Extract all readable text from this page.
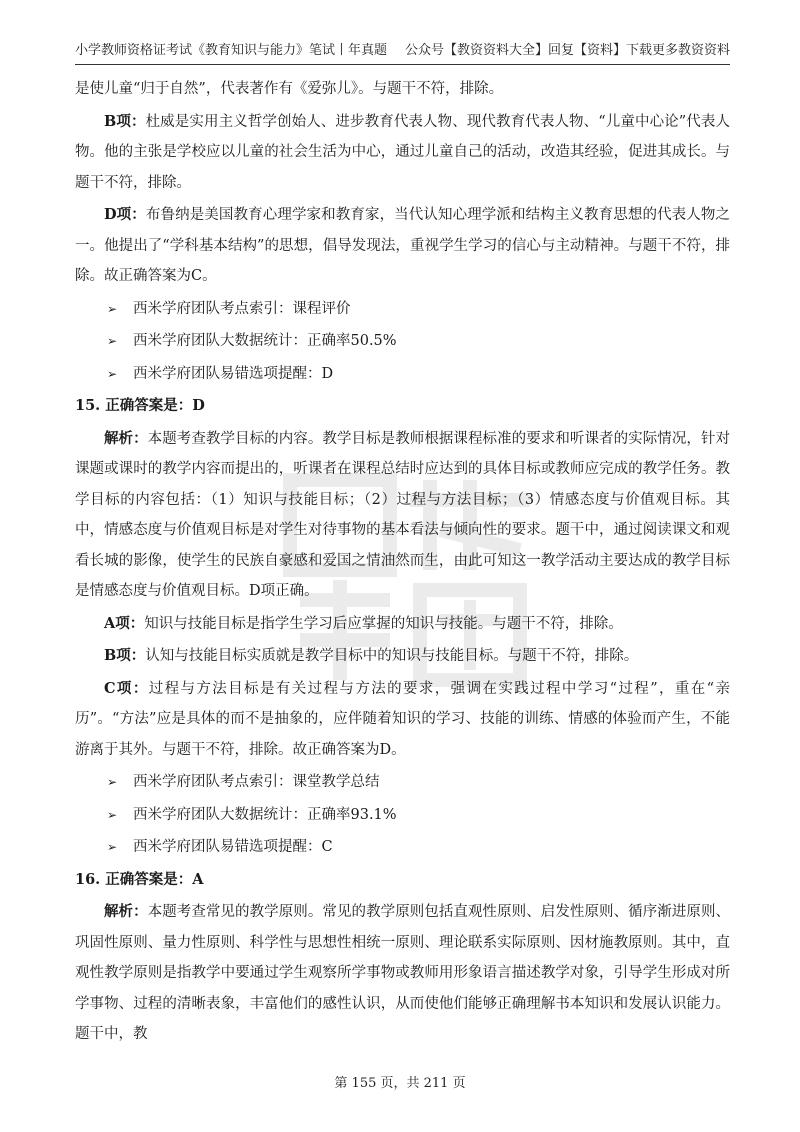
小学教师资格证考试《教育知识与能力》笔试丨年真题 公众号【教资资料大全】回复【资料】下载更多教资资料

是使儿童“归于自然”，代表著作有《爱弥儿》。与题干不符，排除。

B项：杜威是实用主义哲学创始人、进步教育代表人物、现代教育代表人物、“儿童中心论”代表人物。他的主张是学校应以儿童的社会生活为中心，通过儿童自己的活动，改造其经验，促进其成长。与题干不符，排除。

D项：布鲁纳是美国教育心理学家和教育家，当代认知心理学派和结构主义教育思想的代表人物之一。他提出了“学科基本结构”的思想，倡导发现法，重视学生学习的信心与主动精神。与题干不符，排除。故正确答案为C。

➢ 西米学府团队考点索引：课程评价

➢ 西米学府团队大数据统计：正确率50.5%

➢ 西米学府团队易错选项提醒：D

15. 正确答案是：D

解析：本题考查教学目标的内容。教学目标是教师根据课程标准的要求和听课者的实际情况，针对课题或课时的教学内容而提出的，听课者在课程总结时应达到的具体目标或教师应完成的教学任务。教学目标的内容包括：（1）知识与技能目标；（2）过程与方法目标；（3）情感态度与价值观目标。其中，情感态度与价值观目标是对学生对待事物的基本看法与倾向性的要求。题干中，通过阅读课文和观看长城的影像，使学生的民族自豪感和爱国之情油然而生，由此可知这一教学活动主要达成的教学目标是情感态度与价值观目标。D项正确。

A项：知识与技能目标是指学生学习后应掌握的知识与技能。与题干不符，排除。

B项：认知与技能目标实质就是教学目标中的知识与技能目标。与题干不符，排除。

C项：过程与方法目标是有关过程与方法的要求，强调在实践过程中学习“过程”，重在“亲历”。“方法”应是具体的而不是抽象的，应伴随着知识的学习、技能的训练、情感的体验而产生，不能游离于其外。与题干不符，排除。故正确答案为D。

➢ 西米学府团队考点索引：课堂教学总结

➢ 西米学府团队大数据统计：正确率93.1%

➢ 西米学府团队易错选项提醒：C

16. 正确答案是：A

解析：本题考查常见的教学原则。常见的教学原则包括直观性原则、启发性原则、循序渐进原则、巩固性原则、量力性原则、科学性与思想性相统一原则、理论联系实际原则、因材施教原则。其中，直观性教学原则是指教学中要通过学生观察所学事物或教师用形象语言描述教学对象，引导学生形成对所学事物、过程的清晰表象，丰富他们的感性认识，从而使他们能够正确理解书本知识和发展认识能力。题干中，教

第 155 页，共 211 页
